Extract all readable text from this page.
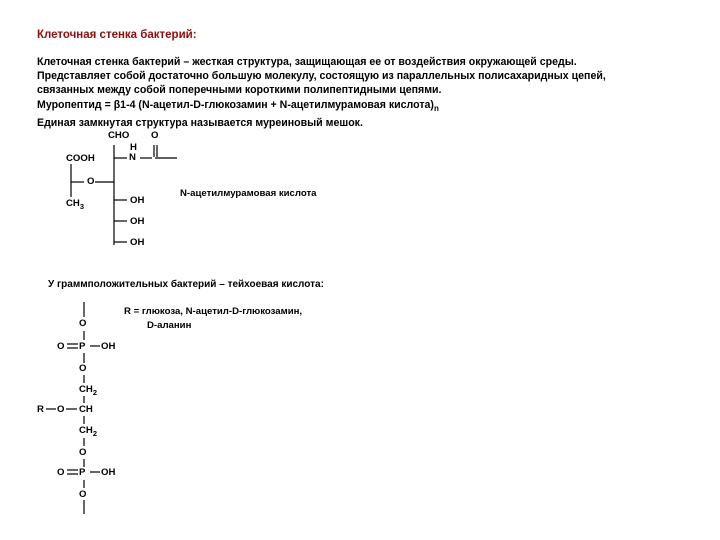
Клеточная стенка бактерий:
Клеточная стенка бактерий – жесткая структура, защищающая ее от воздействия окружающей среды.
Представляет собой достаточно большую молекулу, состоящую из параллельных полисахаридных цепей,
связанных между собой поперечными короткими полипептидными цепями.
Муропептид = β1-4 (N-ацетил-D-глюкозамин + N-ацетилмурамовая $кислота)_n$
Единая замкнутая структура называется муреиновый мешок.
CHO O
H
N
COOH
O
$CH_3$
OH
OH
OH
N-ацетилмурамовая кислота
У граммположительных бактерий – тейхоевая кислота:
R = глюкоза, N-ацетил-D-глюкозамин,
D-аланин
O
O P OH
O
$CH_2$
R O CH
$CH_2$
O
O P OH
O
